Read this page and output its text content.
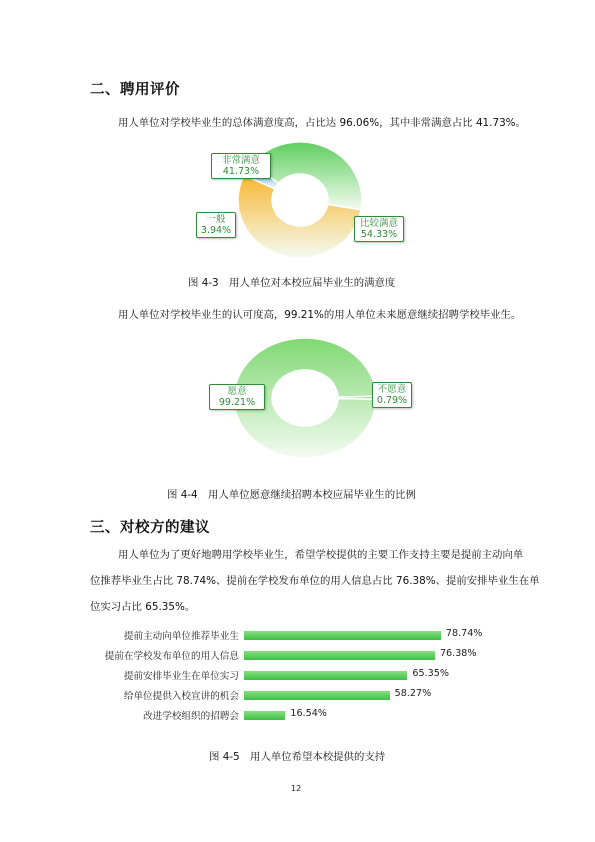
二、聘用评价
用人单位对学校毕业生的总体满意度高，占比达 96.06%，其中非常满意占比 41.73%。
非常满意
41.73%
一般
3.94%
比较满意
54.33%
图 4-3　用人单位对本校应届毕业生的满意度
用人单位对学校毕业生的认可度高，99.21%的用人单位未来愿意继续招聘学校毕业生。
愿意
99.21%
不愿意
0.79%
图 4-4　用人单位愿意继续招聘本校应届毕业生的比例
三、对校方的建议
用人单位为了更好地聘用学校毕业生，希望学校提供的主要工作支持主要是提前主动向单
位推荐毕业生占比 78.74%、提前在学校发布单位的用人信息占比 76.38%、提前安排毕业生在单
位实习占比 65.35%。
提前主动向单位推荐毕业生	78.74%
提前在学校发布单位的用人信息	76.38%
提前安排毕业生在单位实习	65.35%
给单位提供入校宣讲的机会	58.27%
改进学校组织的招聘会	16.54%
图 4-5　用人单位希望本校提供的支持
12
